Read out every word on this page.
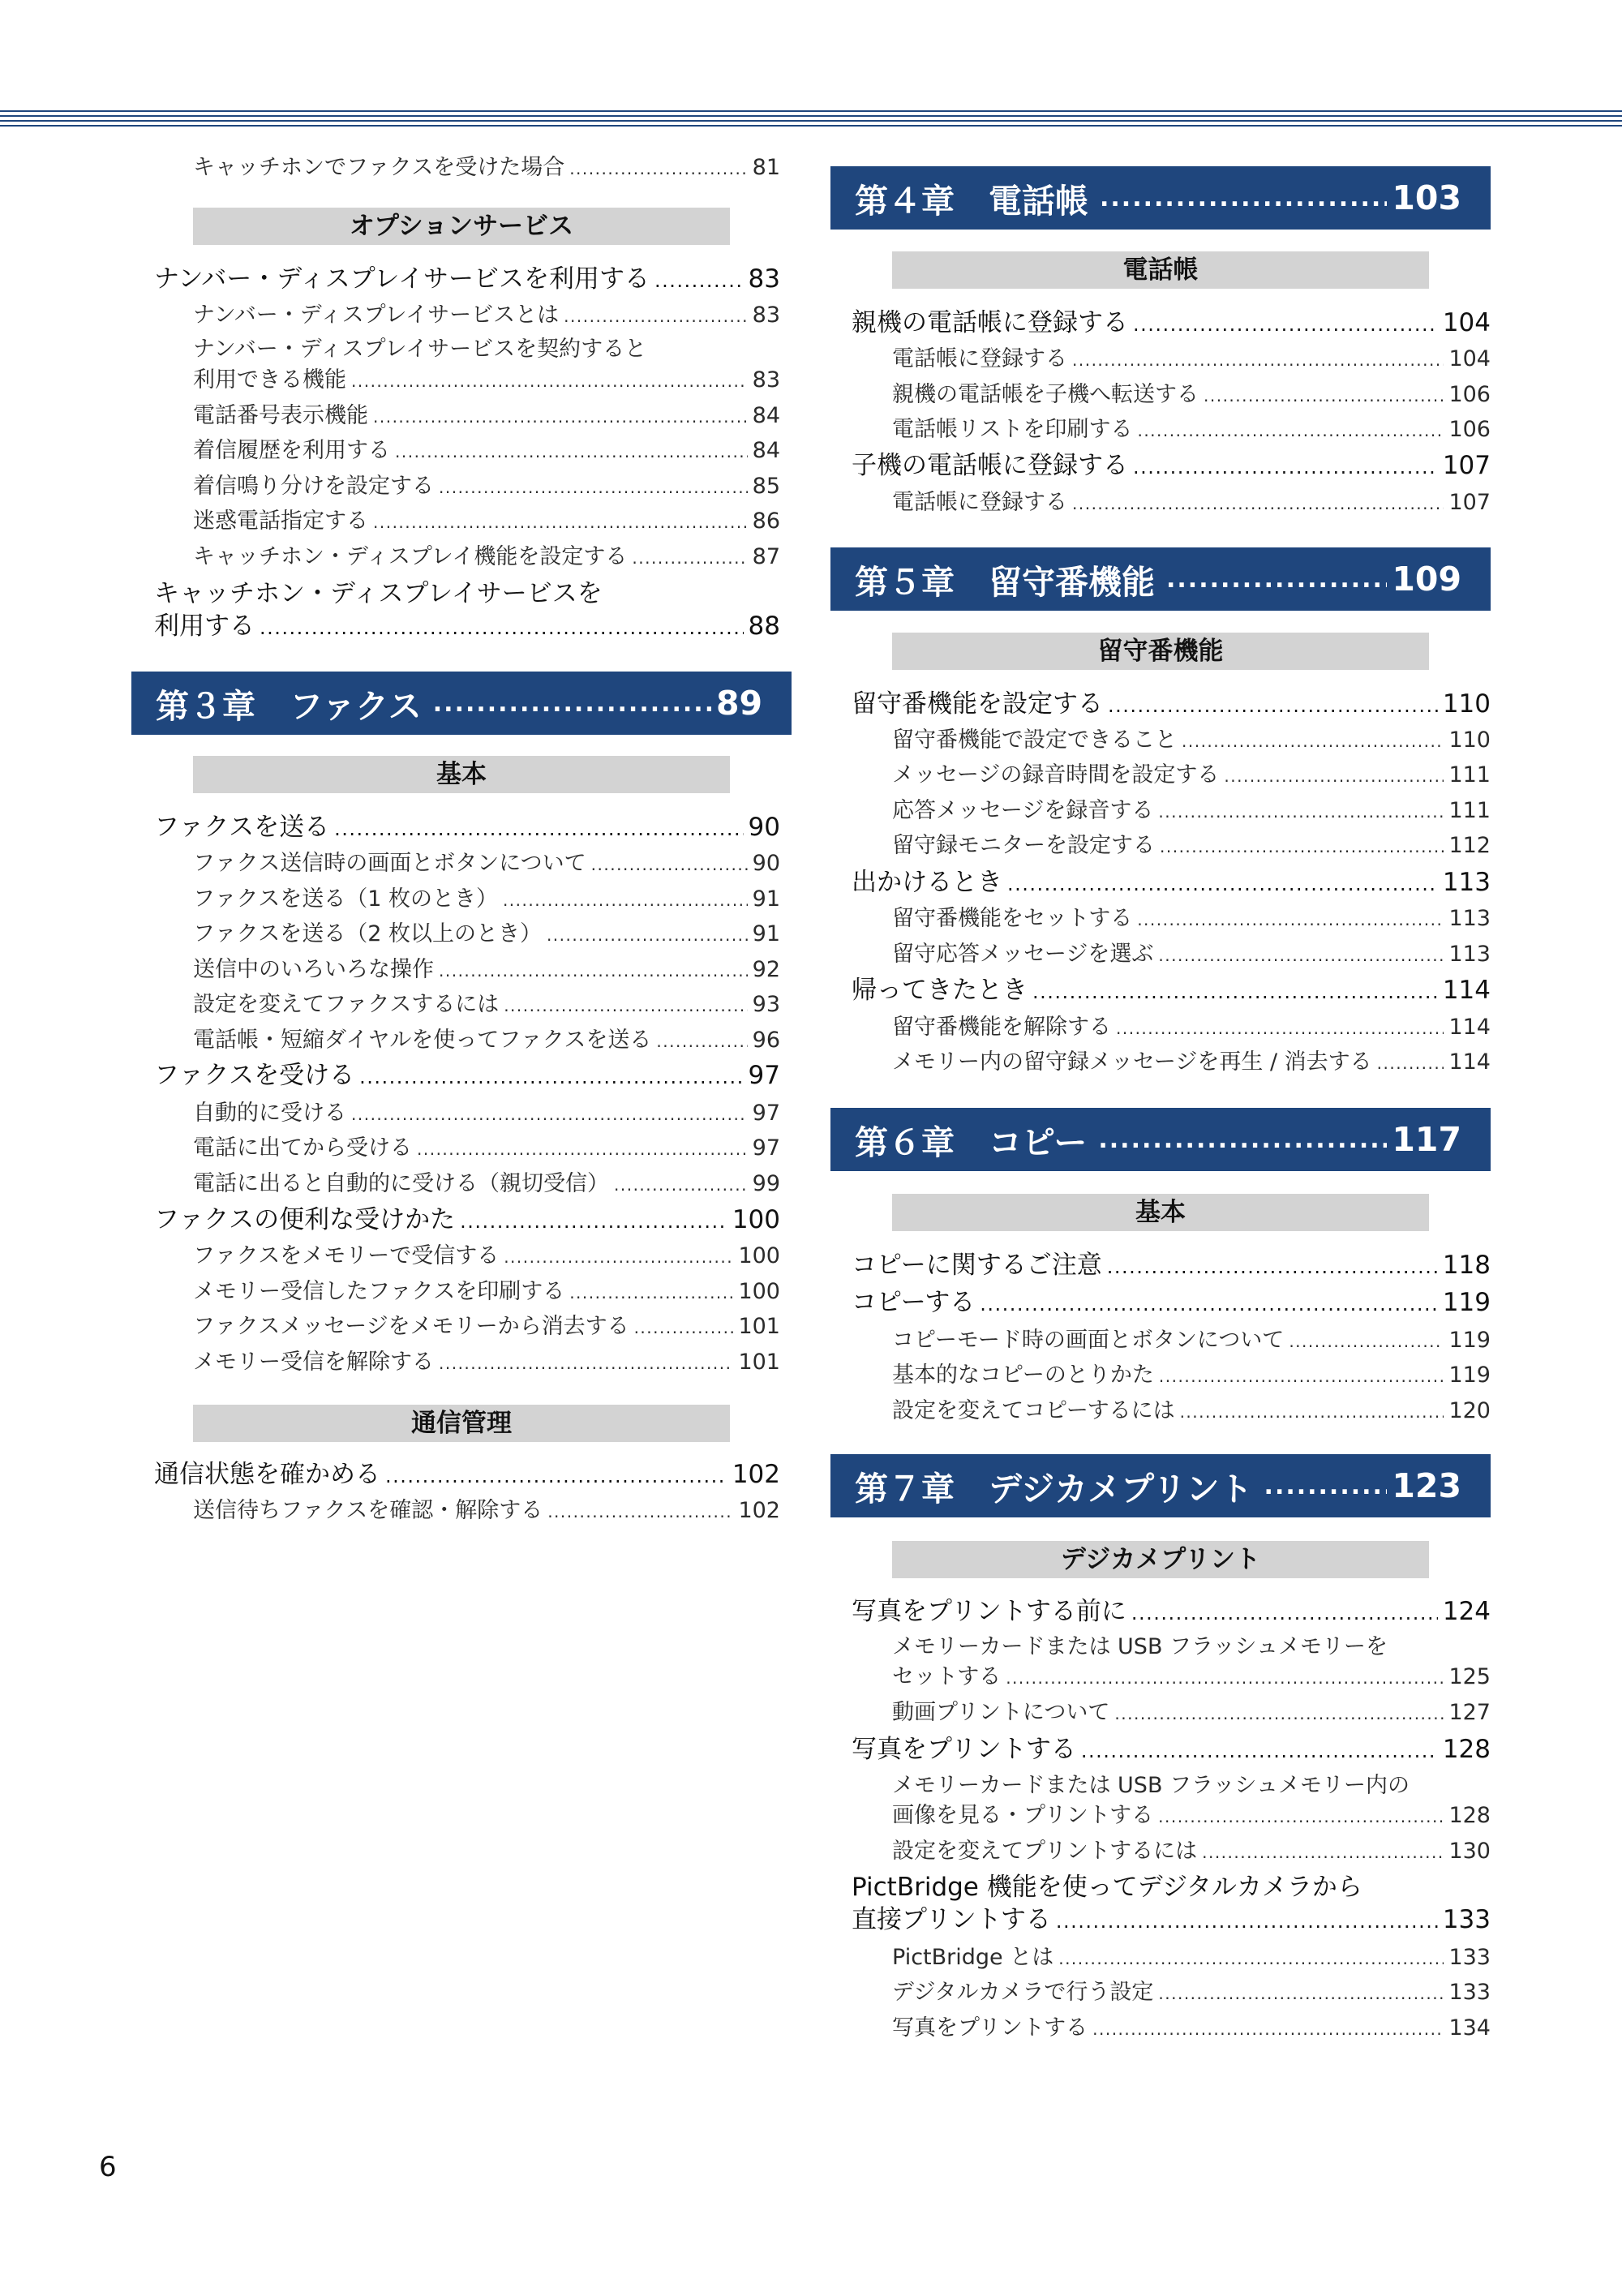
キャッチホンでファクスを受けた場合 .....	81
オプションサービス
ナンバー・ディスプレイサービスを利用する .....	83
ナンバー・ディスプレイサービスとは .....	83
ナンバー・ディスプレイサービスを契約すると
利用できる機能 .....	83
電話番号表示機能 .....	84
着信履歴を利用する .....	84
着信鳴り分けを設定する .....	85
迷惑電話指定する .....	86
キャッチホン・ディスプレイ機能を設定する .....	87
キャッチホン・ディスプレイサービスを
利用する .....	88
第３章 ファクス .....	89
基本
ファクスを送る .....	90
ファクス送信時の画面とボタンについて .....	90
ファクスを送る（1 枚のとき） .....	91
ファクスを送る（2 枚以上のとき） .....	91
送信中のいろいろな操作 .....	92
設定を変えてファクスするには .....	93
電話帳・短縮ダイヤルを使ってファクスを送る .....	96
ファクスを受ける .....	97
自動的に受ける .....	97
電話に出てから受ける .....	97
電話に出ると自動的に受ける（親切受信） .....	99
ファクスの便利な受けかた .....	100
ファクスをメモリーで受信する .....	100
メモリー受信したファクスを印刷する .....	100
ファクスメッセージをメモリーから消去する .....	101
メモリー受信を解除する .....	101
通信管理
通信状態を確かめる .....	102
送信待ちファクスを確認・解除する .....	102
第４章 電話帳 .....	103
電話帳
親機の電話帳に登録する .....	104
電話帳に登録する .....	104
親機の電話帳を子機へ転送する .....	106
電話帳リストを印刷する .....	106
子機の電話帳に登録する .....	107
電話帳に登録する .....	107
第５章 留守番機能 .....	109
留守番機能
留守番機能を設定する .....	110
留守番機能で設定できること .....	110
メッセージの録音時間を設定する .....	111
応答メッセージを録音する .....	111
留守録モニターを設定する .....	112
出かけるとき .....	113
留守番機能をセットする .....	113
留守応答メッセージを選ぶ .....	113
帰ってきたとき .....	114
留守番機能を解除する .....	114
メモリー内の留守録メッセージを再生 / 消去する .....	114
第６章 コピー .....	117
基本
コピーに関するご注意 .....	118
コピーする .....	119
コピーモード時の画面とボタンについて .....	119
基本的なコピーのとりかた .....	119
設定を変えてコピーするには .....	120
第７章 デジカメプリント .....	123
デジカメプリント
写真をプリントする前に .....	124
メモリーカードまたは USB フラッシュメモリーを
セットする .....	125
動画プリントについて .....	127
写真をプリントする .....	128
メモリーカードまたは USB フラッシュメモリー内の
画像を見る・プリントする .....	128
設定を変えてプリントするには .....	130
PictBridge 機能を使ってデジタルカメラから
直接プリントする .....	133
PictBridge とは .....	133
デジタルカメラで行う設定 .....	133
写真をプリントする .....	134
6
